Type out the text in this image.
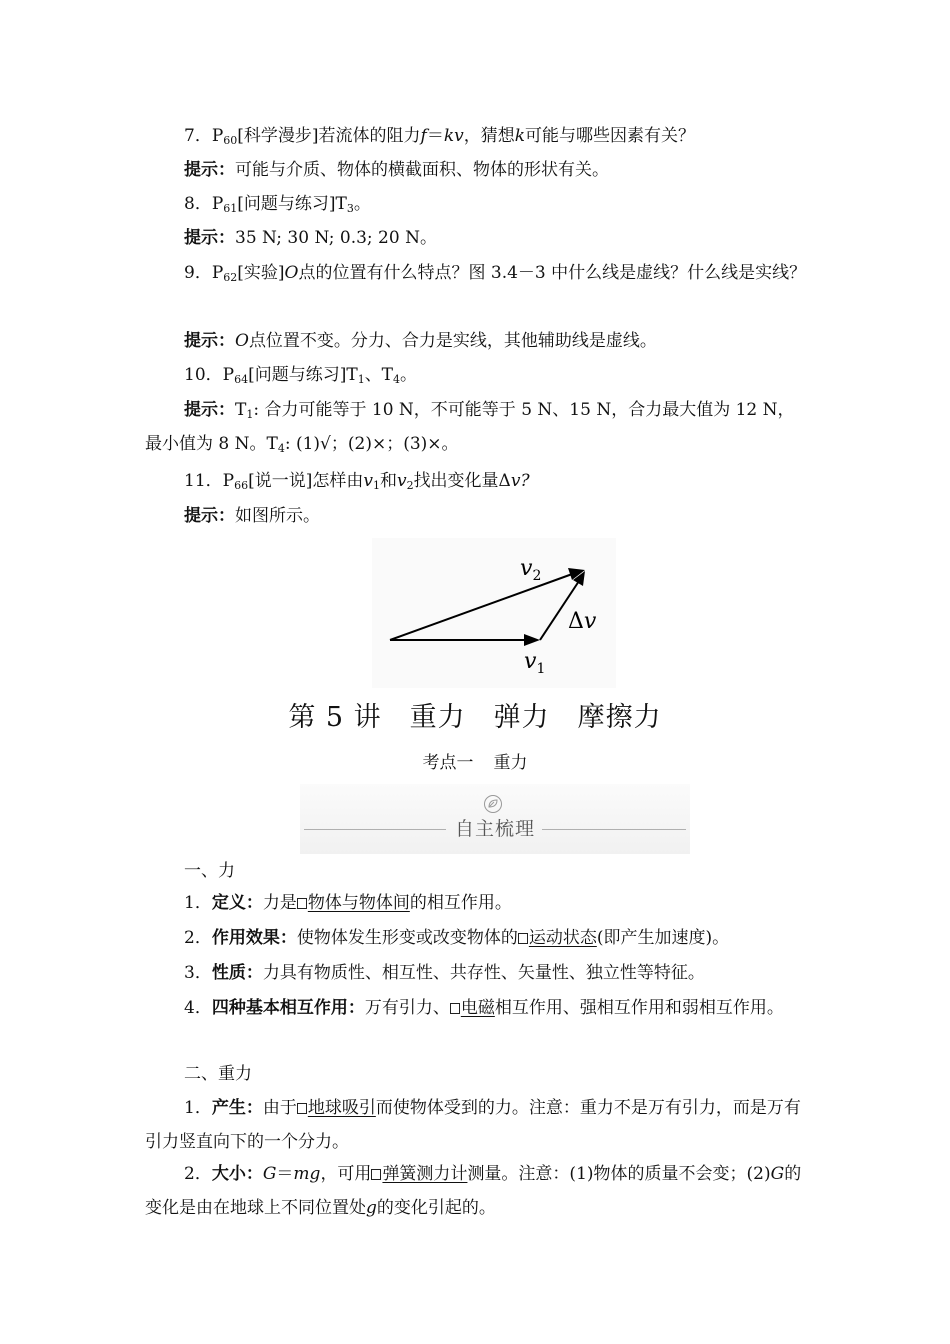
7．$P_{60}$[科学漫步]若流体的阻力f＝kv，猜想k可能与哪些因素有关？

提示：可能与介质、物体的横截面积、物体的形状有关。

8．$P_{61}$[问题与练习]$T_3$。

提示：35 N; 30 N; 0.3; 20 N。

9．$P_{62}$[实验]O点的位置有什么特点？图 3.4－3 中什么线是虚线？什么线是实线？

提示：O点位置不变。分力、合力是实线，其他辅助线是虚线。

10．$P_{64}$[问题与练习]$T_1$、$T_4$。

提示：$T_1$: 合力可能等于 10 N，不可能等于 5 N、15 N，合力最大值为 12 N，最小值为 8 N。$T_4$: (1)√；(2)×；(3)×。

11．$P_{66}$[说一说]怎样由$v_1$和$v_2$找出变化量Δv?

提示：如图所示。

$v_2$
Δv
$v_1$
第 5 讲 重力 弹力 摩擦力

考点一 重力

自主梳理

一、力

1．定义：力是 物体与物体间的相互作用。

2．作用效果：使物体发生形变或改变物体的 运动状态(即产生加速度)。

3．性质：力具有物质性、相互性、共存性、矢量性、独立性等特征。

4．四种基本相互作用：万有引力、 电磁相互作用、强相互作用和弱相互作用。

二、重力

1．产生：由于 地球吸引而使物体受到的力。注意：重力不是万有引力，而是万有引力竖直向下的一个分力。

2．大小：G＝mg，可用 弹簧测力计测量。注意：(1)物体的质量不会变；(2)G的变化是由在地球上不同位置处g的变化引起的。
